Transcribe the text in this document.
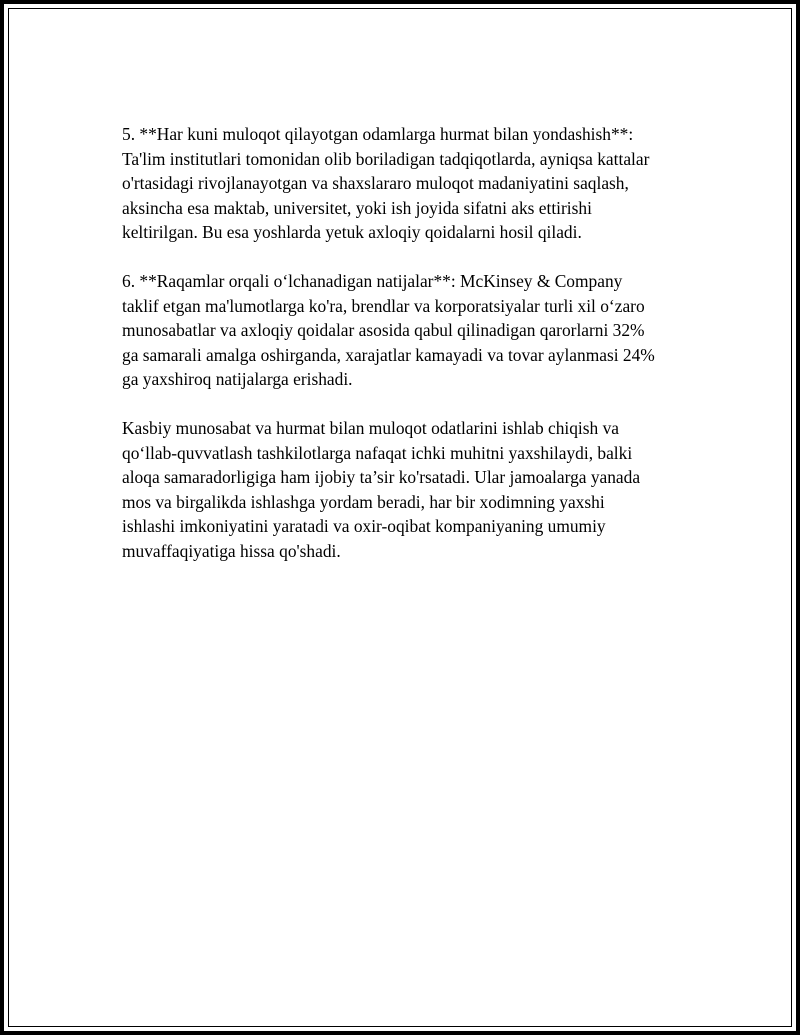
5. **Har kuni muloqot qilayotgan odamlarga hurmat bilan yondashish**:
Ta'lim institutlari tomonidan olib boriladigan tadqiqotlarda, ayniqsa kattalar
o'rtasidagi rivojlanayotgan va shaxslararo muloqot madaniyatini saqlash,
aksincha esa maktab, universitet, yoki ish joyida sifatni aks ettirishi
keltirilgan. Bu esa yoshlarda yetuk axloqiy qoidalarni hosil qiladi.

6. **Raqamlar orqali o‘lchanadigan natijalar**: McKinsey & Company
taklif etgan ma'lumotlarga ko'ra, brendlar va korporatsiyalar turli xil o‘zaro
munosabatlar va axloqiy qoidalar asosida qabul qilinadigan qarorlarni 32%
ga samarali amalga oshirganda, xarajatlar kamayadi va tovar aylanmasi 24%
ga yaxshiroq natijalarga erishadi.

Kasbiy munosabat va hurmat bilan muloqot odatlarini ishlab chiqish va
qo‘llab-quvvatlash tashkilotlarga nafaqat ichki muhitni yaxshilaydi, balki
aloqa samaradorligiga ham ijobiy ta’sir ko'rsatadi. Ular jamoalarga yanada
mos va birgalikda ishlashga yordam beradi, har bir xodimning yaxshi
ishlashi imkoniyatini yaratadi va oxir-oqibat kompaniyaning umumiy
muvaffaqiyatiga hissa qo'shadi.
